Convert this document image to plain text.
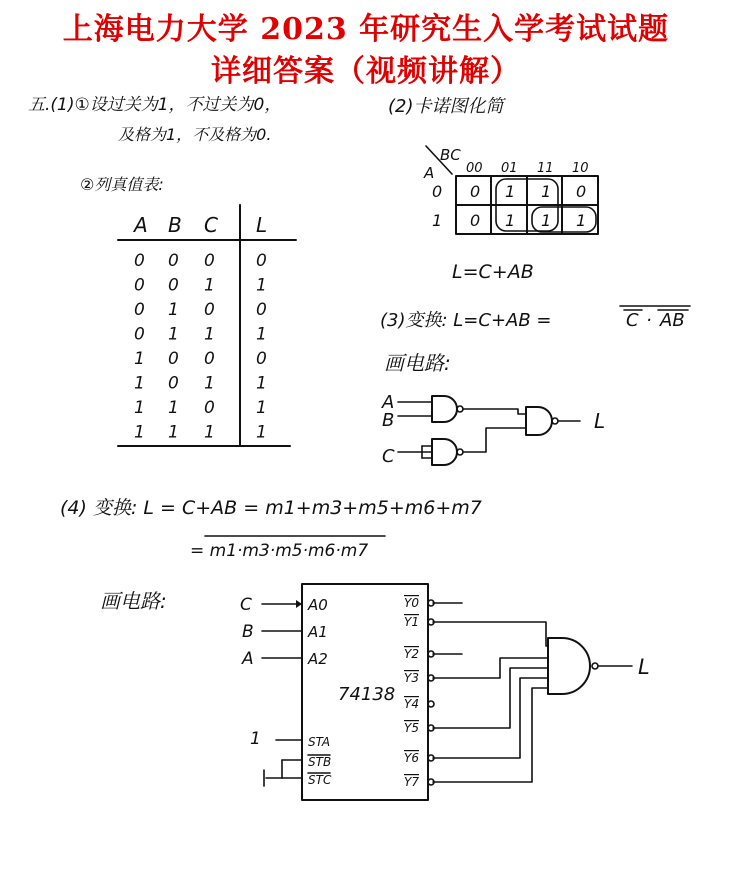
上海电力大学 2023 年研究生入学考试试题
详细答案（视频讲解）
五.(1)①设过关为1，不过关为0，
及格为1，不及格为0.
②列真值表:
A B C L
0 0 0 0
0 0 1 1
0 1 0 0
0 1 1 1
1 0 0 0
1 0 1 1
1 1 0 1
1 1 1 1
(2)卡诺图化简
BC
A 00 01 11 10
0
1
0 1 1 0
0 1 1 1
L=C+AB
(3)变换: L=C+AB =	C · AB
画电路:
A
B
C
L
(4) 变换: L = C+AB = m1+m3+m5+m6+m7
= m1·m3·m5·m6·m7
画电路:
74138
C
B
A
A0
A1
A2
1	STA
STB
STC
Y0
Y1
Y2
Y3
Y4
Y5
Y6
Y7
L
